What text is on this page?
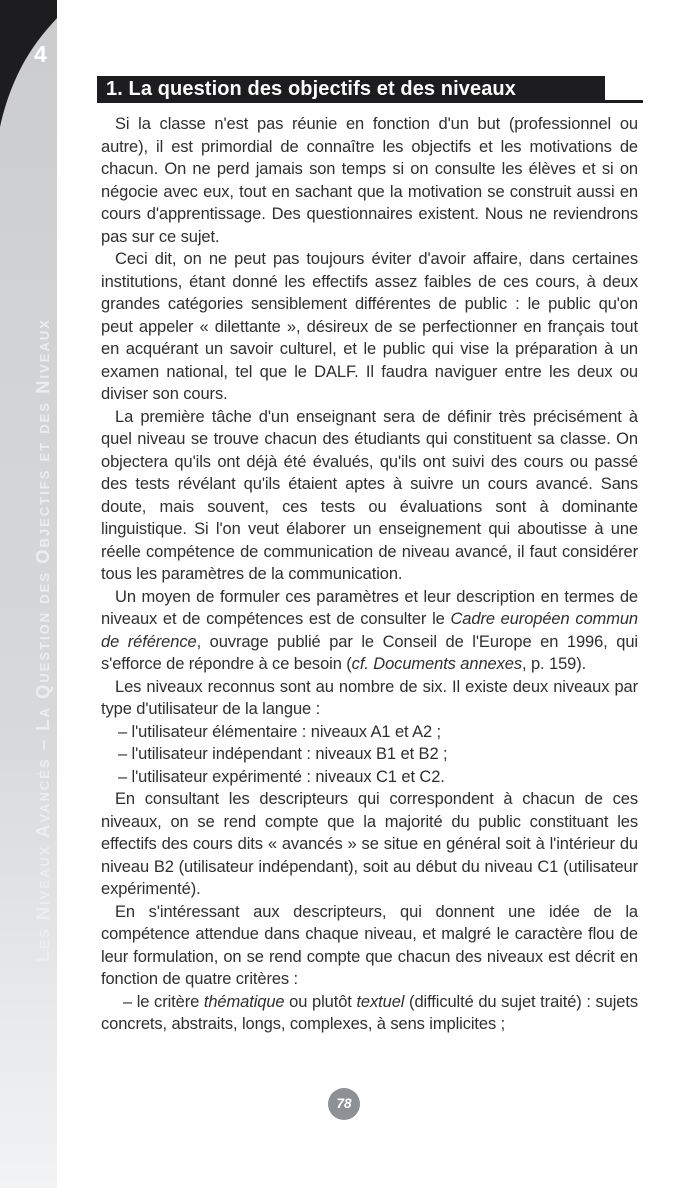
4
Les Niveaux Avancés – La Question des Objectifs et des Niveaux
1. La question des objectifs et des niveaux

Si la classe n'est pas réunie en fonction d'un but (professionnel ou autre), il est primordial de connaître les objectifs et les motivations de chacun. On ne perd jamais son temps si on consulte les élèves et si on négocie avec eux, tout en sachant que la motivation se construit aussi en cours d'apprentissage. Des questionnaires existent. Nous ne reviendrons pas sur ce sujet.

Ceci dit, on ne peut pas toujours éviter d'avoir affaire, dans certaines institutions, étant donné les effectifs assez faibles de ces cours, à deux grandes catégories sensiblement différentes de public : le public qu'on peut appeler « dilettante », désireux de se perfectionner en français tout en acquérant un savoir culturel, et le public qui vise la préparation à un examen national, tel que le DALF. Il faudra naviguer entre les deux ou diviser son cours.

La première tâche d'un enseignant sera de définir très précisément à quel niveau se trouve chacun des étudiants qui constituent sa classe. On objectera qu'ils ont déjà été évalués, qu'ils ont suivi des cours ou passé des tests révélant qu'ils étaient aptes à suivre un cours avancé. Sans doute, mais souvent, ces tests ou évaluations sont à dominante linguistique. Si l'on veut élaborer un enseignement qui aboutisse à une réelle compétence de communication de niveau avancé, il faut considérer tous les paramètres de la communication.

Un moyen de formuler ces paramètres et leur description en termes de niveaux et de compétences est de consulter le Cadre européen commun de référence, ouvrage publié par le Conseil de l'Europe en 1996, qui s'efforce de répondre à ce besoin (cf. Documents annexes, p. 159).

Les niveaux reconnus sont au nombre de six. Il existe deux niveaux par type d'utilisateur de la langue :

– l'utilisateur élémentaire : niveaux A1 et A2 ;

– l'utilisateur indépendant : niveaux B1 et B2 ;

– l'utilisateur expérimenté : niveaux C1 et C2.

En consultant les descripteurs qui correspondent à chacun de ces niveaux, on se rend compte que la majorité du public constituant les effectifs des cours dits « avancés » se situe en général soit à l'intérieur du niveau B2 (utilisateur indépendant), soit au début du niveau C1 (utilisateur expérimenté).

En s'intéressant aux descripteurs, qui donnent une idée de la compétence attendue dans chaque niveau, et malgré le caractère flou de leur formulation, on se rend compte que chacun des niveaux est décrit en fonction de quatre critères :

– le critère thématique ou plutôt textuel (difficulté du sujet traité) : sujets concrets, abstraits, longs, complexes, à sens implicites ;

78
